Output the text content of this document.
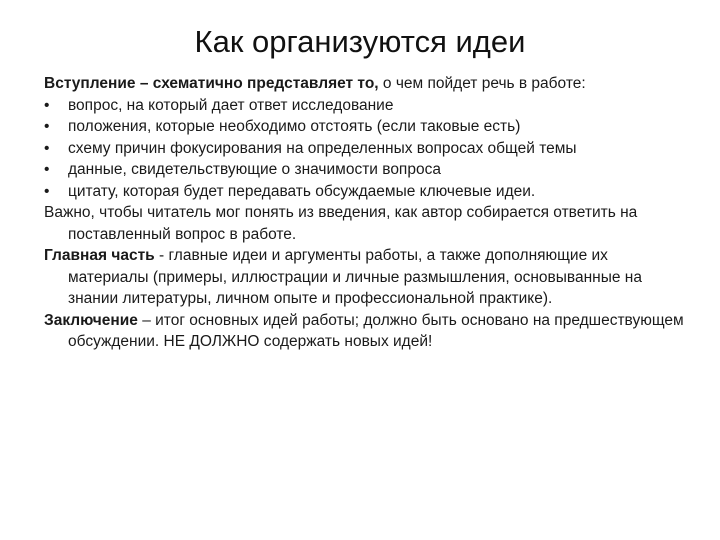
Как организуются идеи

Вступление – схематично представляет то, о чем пойдет речь в работе:

•	вопрос, на который дает ответ исследование
•	положения, которые необходимо отстоять (если таковые есть)
•	схему причин фокусирования на определенных вопросах общей темы
•	данные, свидетельствующие о значимости вопроса
•	цитату, которая будет передавать обсуждаемые ключевые идеи.

Важно, чтобы читатель мог понять из введения, как автор собирается ответить на поставленный вопрос в работе.

Главная часть - главные идеи и аргументы работы, а также дополняющие их материалы (примеры, иллюстрации и личные размышления, основыванные на знании литературы, личном опыте и профессиональной практике).

Заключение – итог основных идей работы; должно быть основано на предшествующем обсуждении. НЕ ДОЛЖНО содержать новых идей!
